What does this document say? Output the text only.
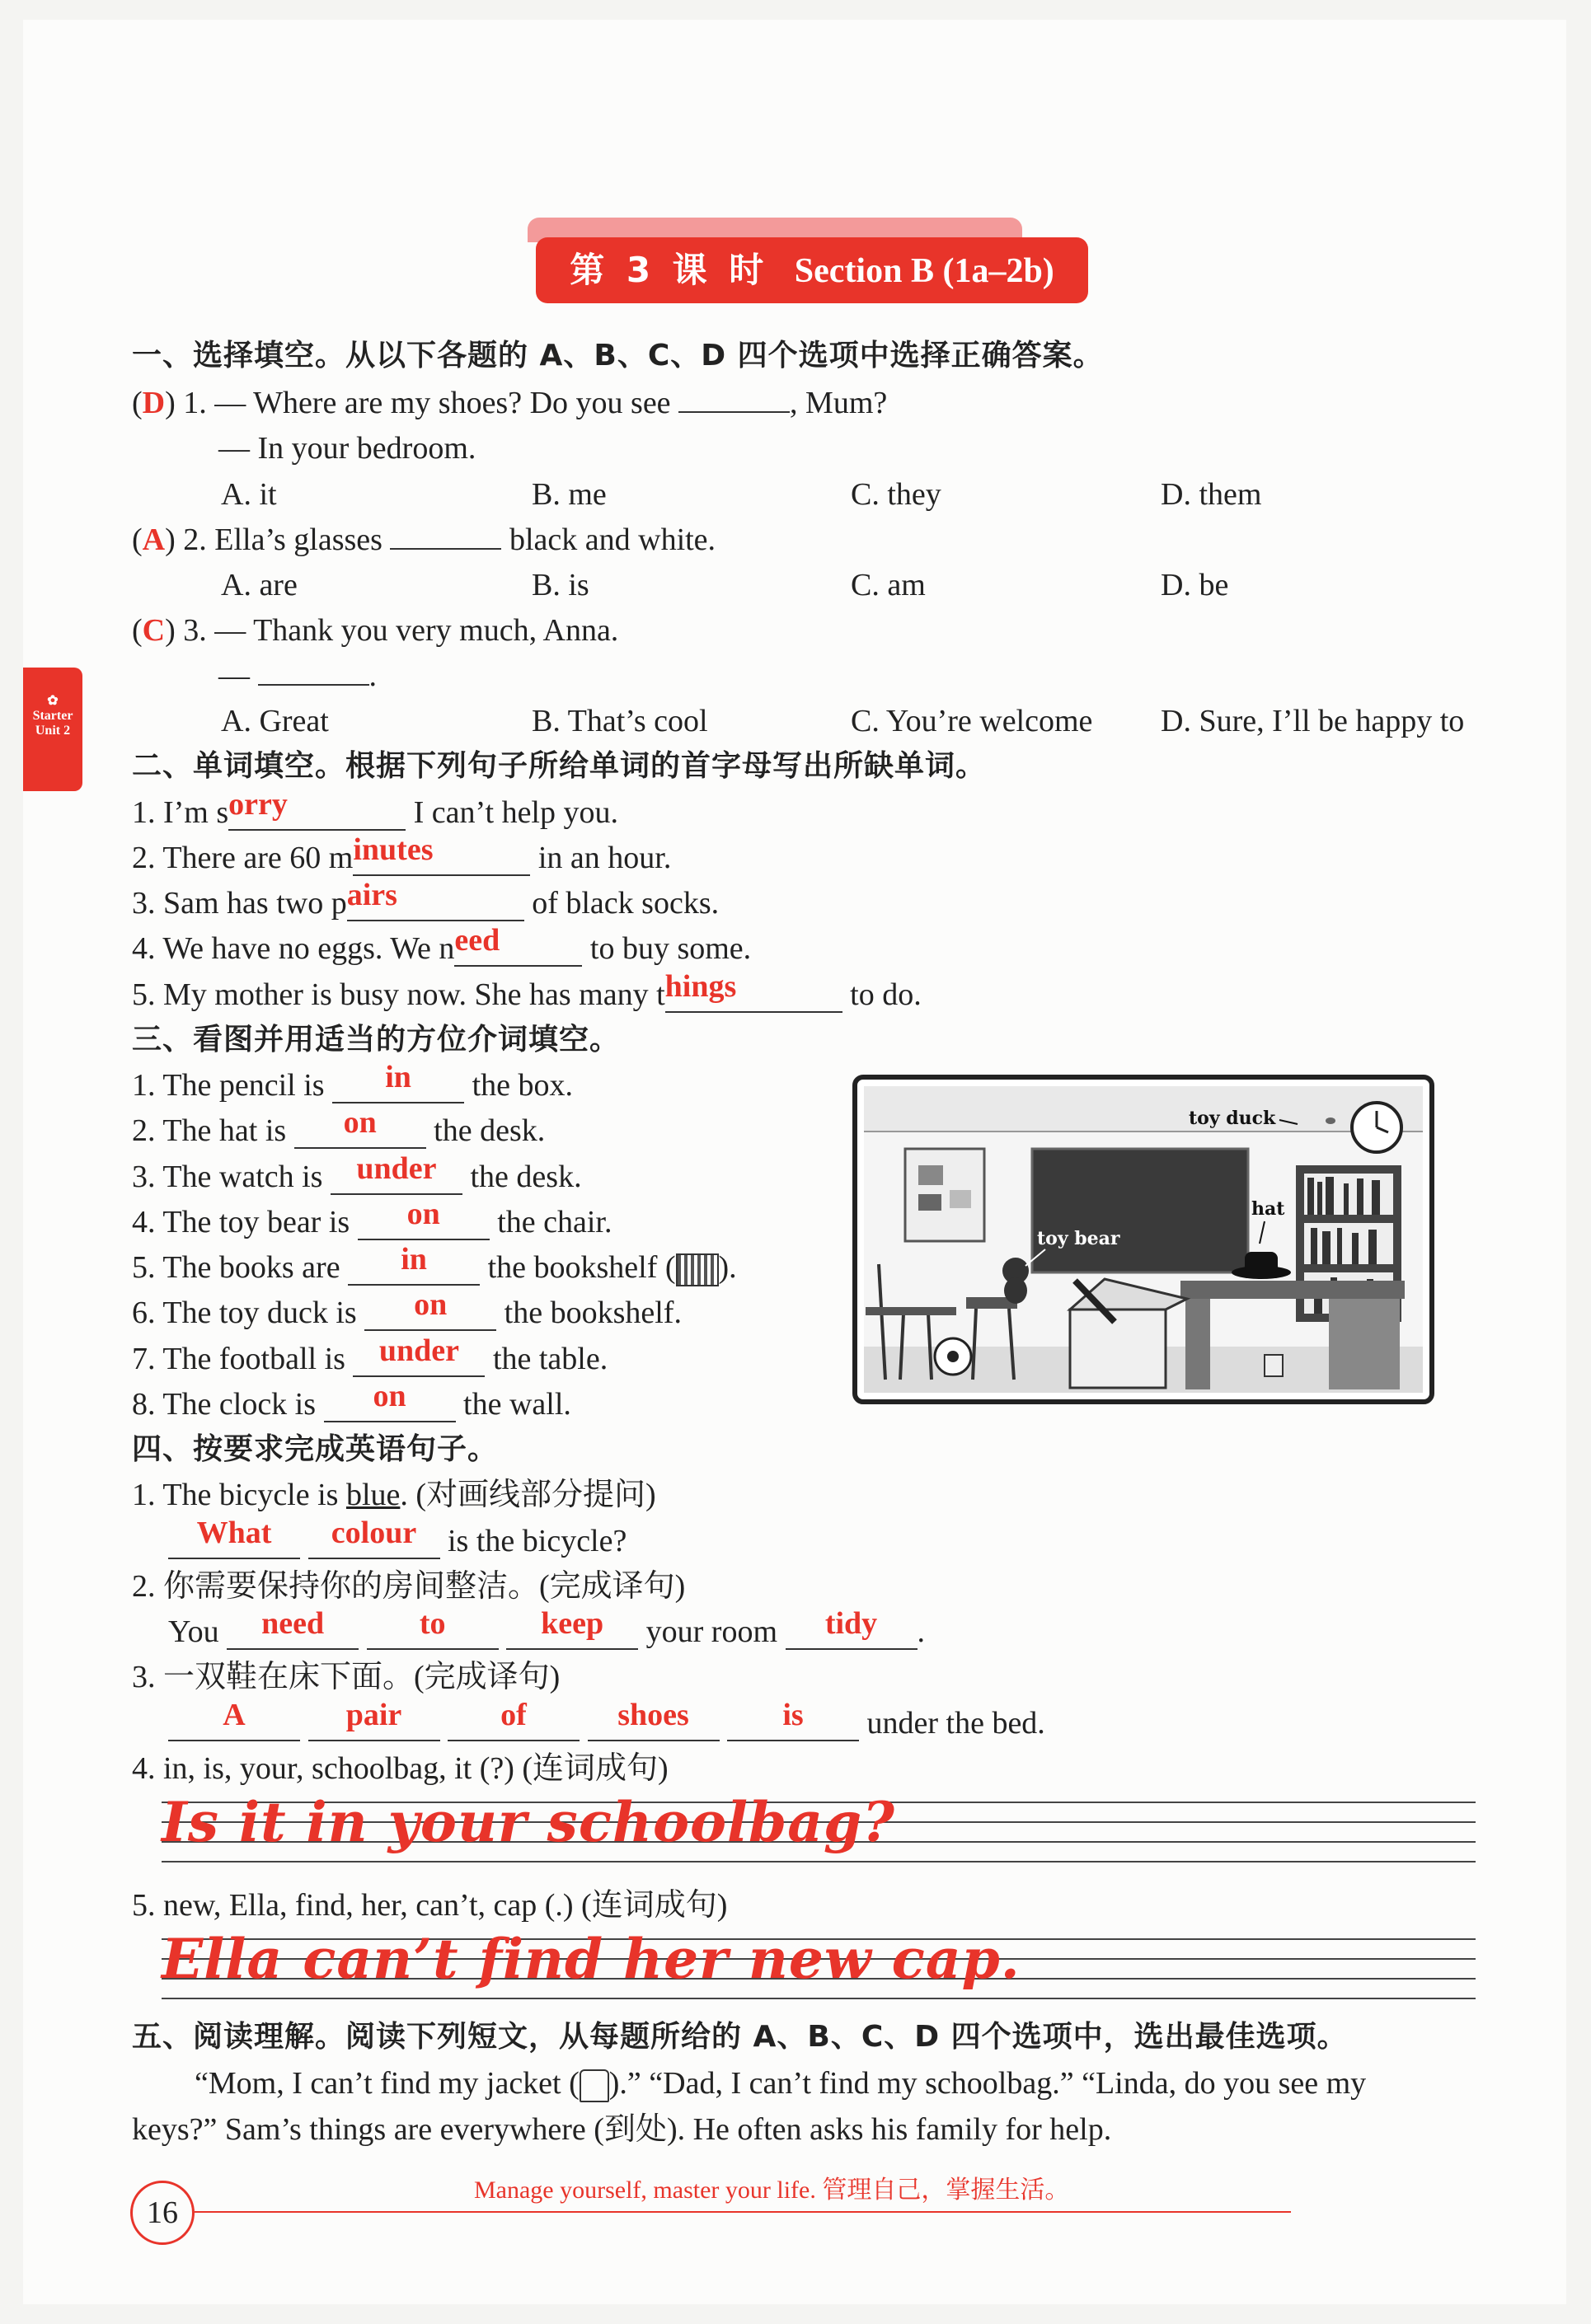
第 3 课 时 Section B (1a–2b)
✿
Starter
Unit 2
一、选择填空。从以下各题的 A、B、C、D 四个选项中选择正确答案。
(D) 1. — Where are my shoes? Do you see	, Mum?
— In your bedroom.
A. it	B. me	C. they	D. them
(A) 2. Ella’s glasses	black and white.
A. are	B. is	C. am	D. be
(C) 3. — Thank you very much, Anna.
—	.
A. Great	B. That’s cool	C. You’re welcome D. Sure, I’ll be happy to
二、单词填空。根据下列句子所给单词的首字母写出所缺单词。
1. I’m sorry	I can’t help you.
2. There are 60 minutes	in an hour.
3. Sam has two pairs	of black socks.
4. We have no eggs. We need	to buy some.
5. My mother is busy now. She has many things	to do.
三、看图并用适当的方位介词填空。
1. The pencil is in the box.
2. The hat is on the desk.
3. The watch is under the desk.
4. The toy bear is on the chair.
5. The books are in the bookshelf ( ).
6. The toy duck is on the bookshelf.
7. The football is under the table.
8. The clock is on the wall.
toy duck
hat
toy bear
四、按要求完成英语句子。
1. The bicycle is blue. (对画线部分提问)
What colour is the bicycle?
2. 你需要保持你的房间整洁。(完成译句)
You need	to	keep your room tidy .
3. 一双鞋在床下面。(完成译句)
A	pair	of	shoes	is under the bed.
4. in, is, your, schoolbag, it (?) (连词成句)
Is it in your schoolbag?
5. new, Ella, find, her, can’t, cap (.) (连词成句)
Ella can’t find her new cap.
五、阅读理解。阅读下列短文，从每题所给的 A、B、C、D 四个选项中，选出最佳选项。
“Mom, I can’t find my jacket ( ).” “Dad, I can’t find my schoolbag.” “Linda, do you see my
keys?” Sam’s things are everywhere (到处). He often asks his family for help.
16
Manage yourself, master your life. 管理自己，掌握生活。
